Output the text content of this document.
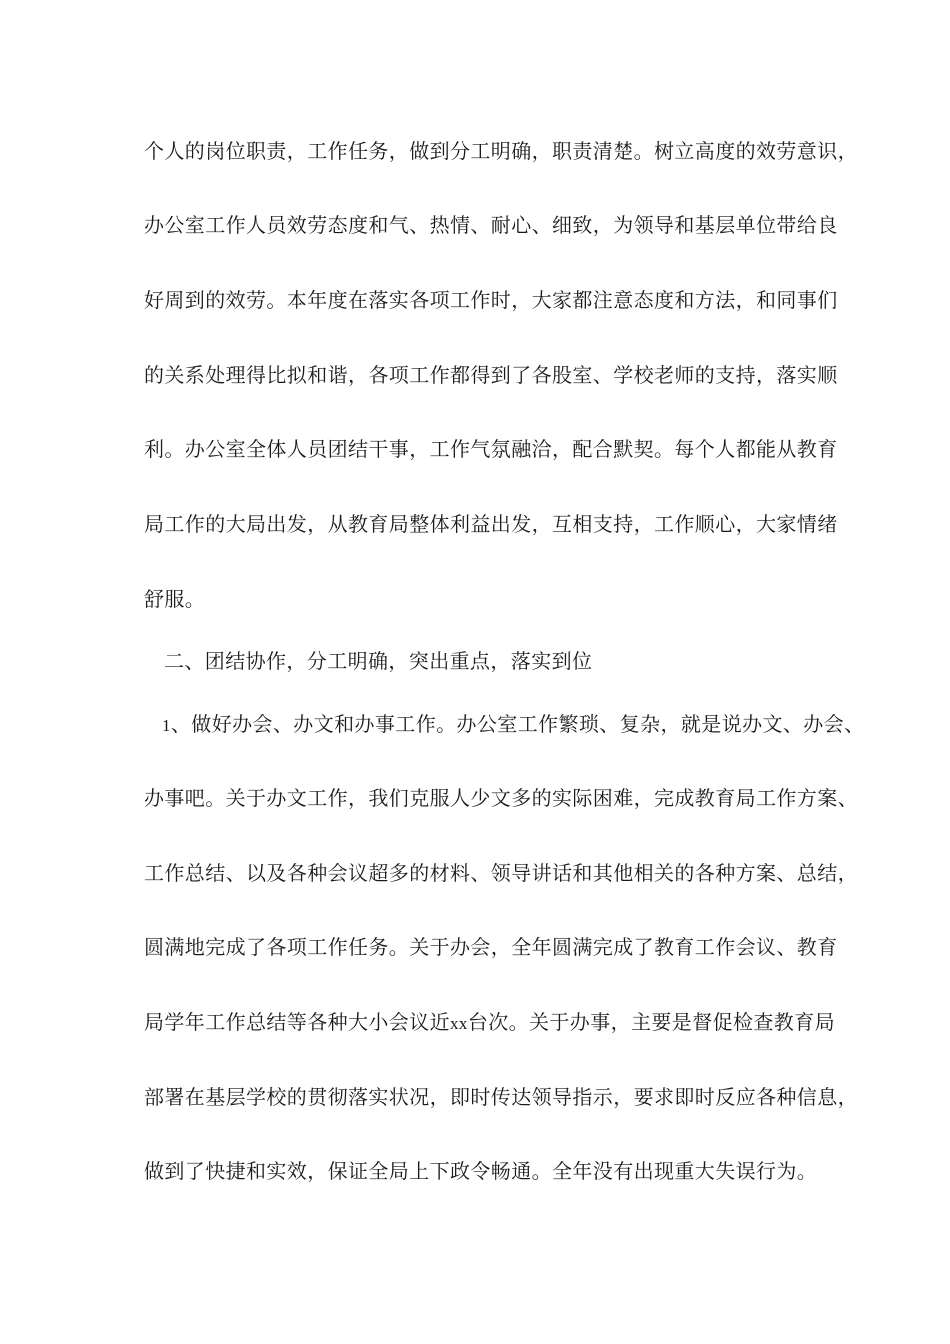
个人的岗位职责，工作任务，做到分工明确，职责清楚。树立高度的效劳意识，
办公室工作人员效劳态度和气、热情、耐心、细致，为领导和基层单位带给良
好周到的效劳。本年度在落实各项工作时，大家都注意态度和方法，和同事们
的关系处理得比拟和谐，各项工作都得到了各股室、学校老师的支持，落实顺
利。办公室全体人员团结干事，工作气氛融洽，配合默契。每个人都能从教育
局工作的大局出发，从教育局整体利益出发，互相支持，工作顺心，大家情绪
舒服。
二、团结协作，分工明确，突出重点，落实到位
1、做好办会、办文和办事工作。办公室工作繁琐、复杂，就是说办文、办会、
办事吧。关于办文工作，我们克服人少文多的实际困难，完成教育局工作方案、
工作总结、以及各种会议超多的材料、领导讲话和其他相关的各种方案、总结，
圆满地完成了各项工作任务。关于办会，全年圆满完成了教育工作会议、教育
局学年工作总结等各种大小会议近xx台次。关于办事，主要是督促检查教育局
部署在基层学校的贯彻落实状况，即时传达领导指示，要求即时反应各种信息，
做到了快捷和实效，保证全局上下政令畅通。全年没有出现重大失误行为。
